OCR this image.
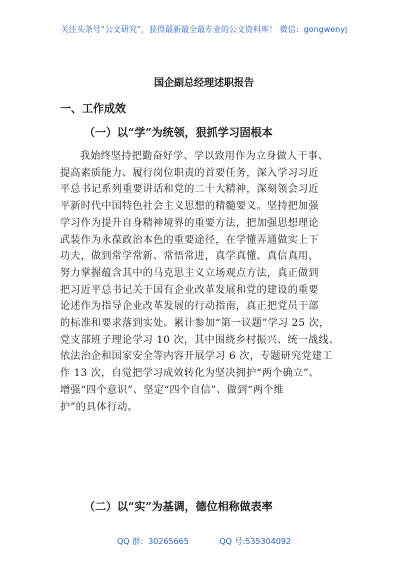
关注头条号“公文研究”，获得最新最全最专业的公文资料库！ 微信：gongwenyj
国企副总经理述职报告
一、工作成效
（一）以“学”为统领，狠抓学习固根本
我始终坚持把勤奋好学、学以致用作为立身做人干事、
提高素质能力、履行岗位职责的首要任务，深入学习习近
平总书记系列重要讲话和党的二十大精神，深刻领会习近
平新时代中国特色社会主义思想的精髓要义。坚持把加强
学习作为提升自身精神境界的重要方法，把加强思想理论
武装作为永葆政治本色的重要途径，在学懂弄通做实上下
功夫，做到常学常新、常悟常进，真学真懂、真信真用，
努力掌握蕴含其中的马克思主义立场观点方法，真正做到
把习近平总书记关于国有企业改革发展和党的建设的重要
论述作为指导企业改革发展的行动指南，真正把党员干部
的标准和要求落到实处。累计参加“第一议题”学习 25 次，
党支部班子理论学习 10 次，其中围绕乡村振兴、统一战线、
依法治企和国家安全等内容开展学习 6 次，专题研究党建工
作 13 次，自觉把学习成效转化为坚决拥护“两个确立”、
增强“四个意识”、坚定“四个自信”、做到“两个维
护”的具体行动。
（二）以“实”为基调，德位相称做表率
QQ 群：30265665	QQ 号:535304092
